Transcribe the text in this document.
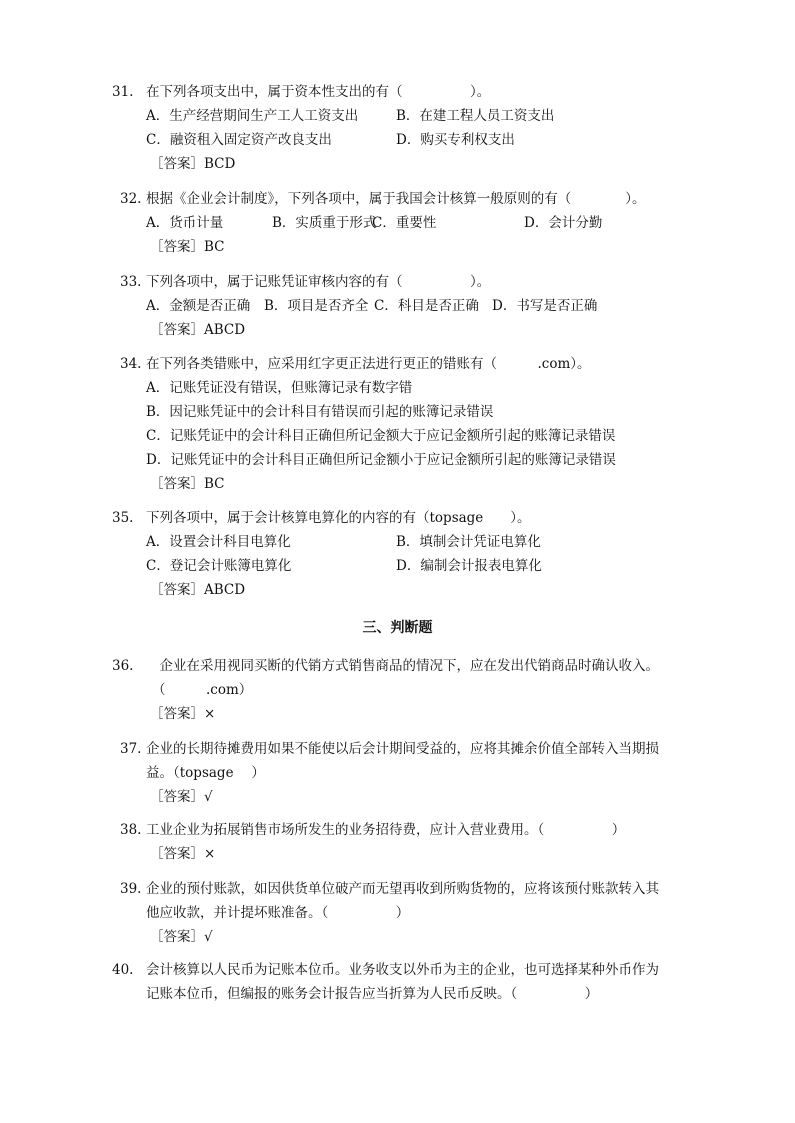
31. 在下列各项支出中，属于资本性支出的有（　　　　　）。
A．生产经营期间生产工人工资支出	B．在建工程人员工资支出
C．融资租入固定资产改良支出	D．购买专利权支出
［答案］BCD
32. 根据《企业会计制度》，下列各项中，属于我国会计核算一般原则的有（　　　　）。
A．货币计量	B．实质重于形式
C．重要性	D．会计分勤
［答案］BC
33. 下列各项中，属于记账凭证审核内容的有（　　　　　）。
A．金额是否正确 B．项目是否齐全 C．科目是否正确 D．书写是否正确
［答案］ABCD
34. 在下列各类错账中，应采用红字更正法进行更正的错账有（　　　.com）。
A．记账凭证没有错误，但账簿记录有数字错
B．因记账凭证中的会计科目有错误而引起的账簿记录错误
C．记账凭证中的会计科目正确但所记金额大于应记金额所引起的账簿记录错误
D．记账凭证中的会计科目正确但所记金额小于应记金额所引起的账簿记录错误
［答案］BC
35. 下列各项中，属于会计核算电算化的内容的有（topsage　　）。
A．设置会计科目电算化	B．填制会计凭证电算化
C．登记会计账簿电算化	D．编制会计报表电算化
［答案］ABCD
三、判断题
36. 　企业在采用视同买断的代销方式销售商品的情况下，应在发出代销商品时确认收入。
（　　　.com）
［答案］×
37. 企业的长期待摊费用如果不能使以后会计期间受益的，应将其摊余价值全部转入当期损
益。（topsage　 ）
［答案］√
38. 工业企业为拓展销售市场所发生的业务招待费，应计入营业费用。（　　　　　）
［答案］×
39. 企业的预付账款，如因供货单位破产而无望再收到所购货物的，应将该预付账款转入其
他应收款，并计提坏账准备。（　　　　　）
［答案］√
40. 会计核算以人民币为记账本位币。业务收支以外币为主的企业，也可选择某种外币作为
记账本位币，但编报的账务会计报告应当折算为人民币反映。（　　　　　）
